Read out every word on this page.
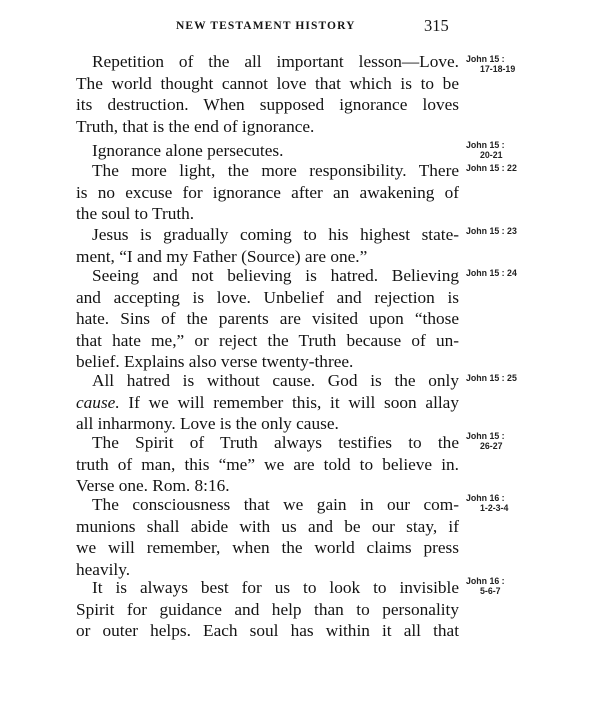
NEW TESTAMENT HISTORY	315
Repetition of the all important lesson—Love.
The world thought cannot love that which is to be
its destruction. When supposed ignorance loves
Truth, that is the end of ignorance.
John 15 :
17-18-19
Ignorance alone persecutes.	John 15 :
20-21
The more light, the more responsibility. There
is no excuse for ignorance after an awakening of
the soul to Truth.
John 15 : 22
Jesus is gradually coming to his highest state-
ment, “I and my Father (Source) are one.”
John 15 : 23
Seeing and not believing is hatred. Believing
and accepting is love. Unbelief and rejection is
hate. Sins of the parents are visited upon “those
that hate me,” or reject the Truth because of un-
belief. Explains also verse twenty-three.
John 15 : 24
All hatred is without cause. God is the only
cause. If we will remember this, it will soon allay
all inharmony. Love is the only cause.
John 15 : 25
The Spirit of Truth always testifies to the
truth of man, this “me” we are told to believe in.
Verse one. Rom. 8:16.
John 15 :
26-27
The consciousness that we gain in our com-
munions shall abide with us and be our stay, if
we will remember, when the world claims press
heavily.
John 16 :
1-2-3-4
It is always best for us to look to invisible
Spirit for guidance and help than to personality
or outer helps. Each soul has within it all that
John 16 :
5-6-7
